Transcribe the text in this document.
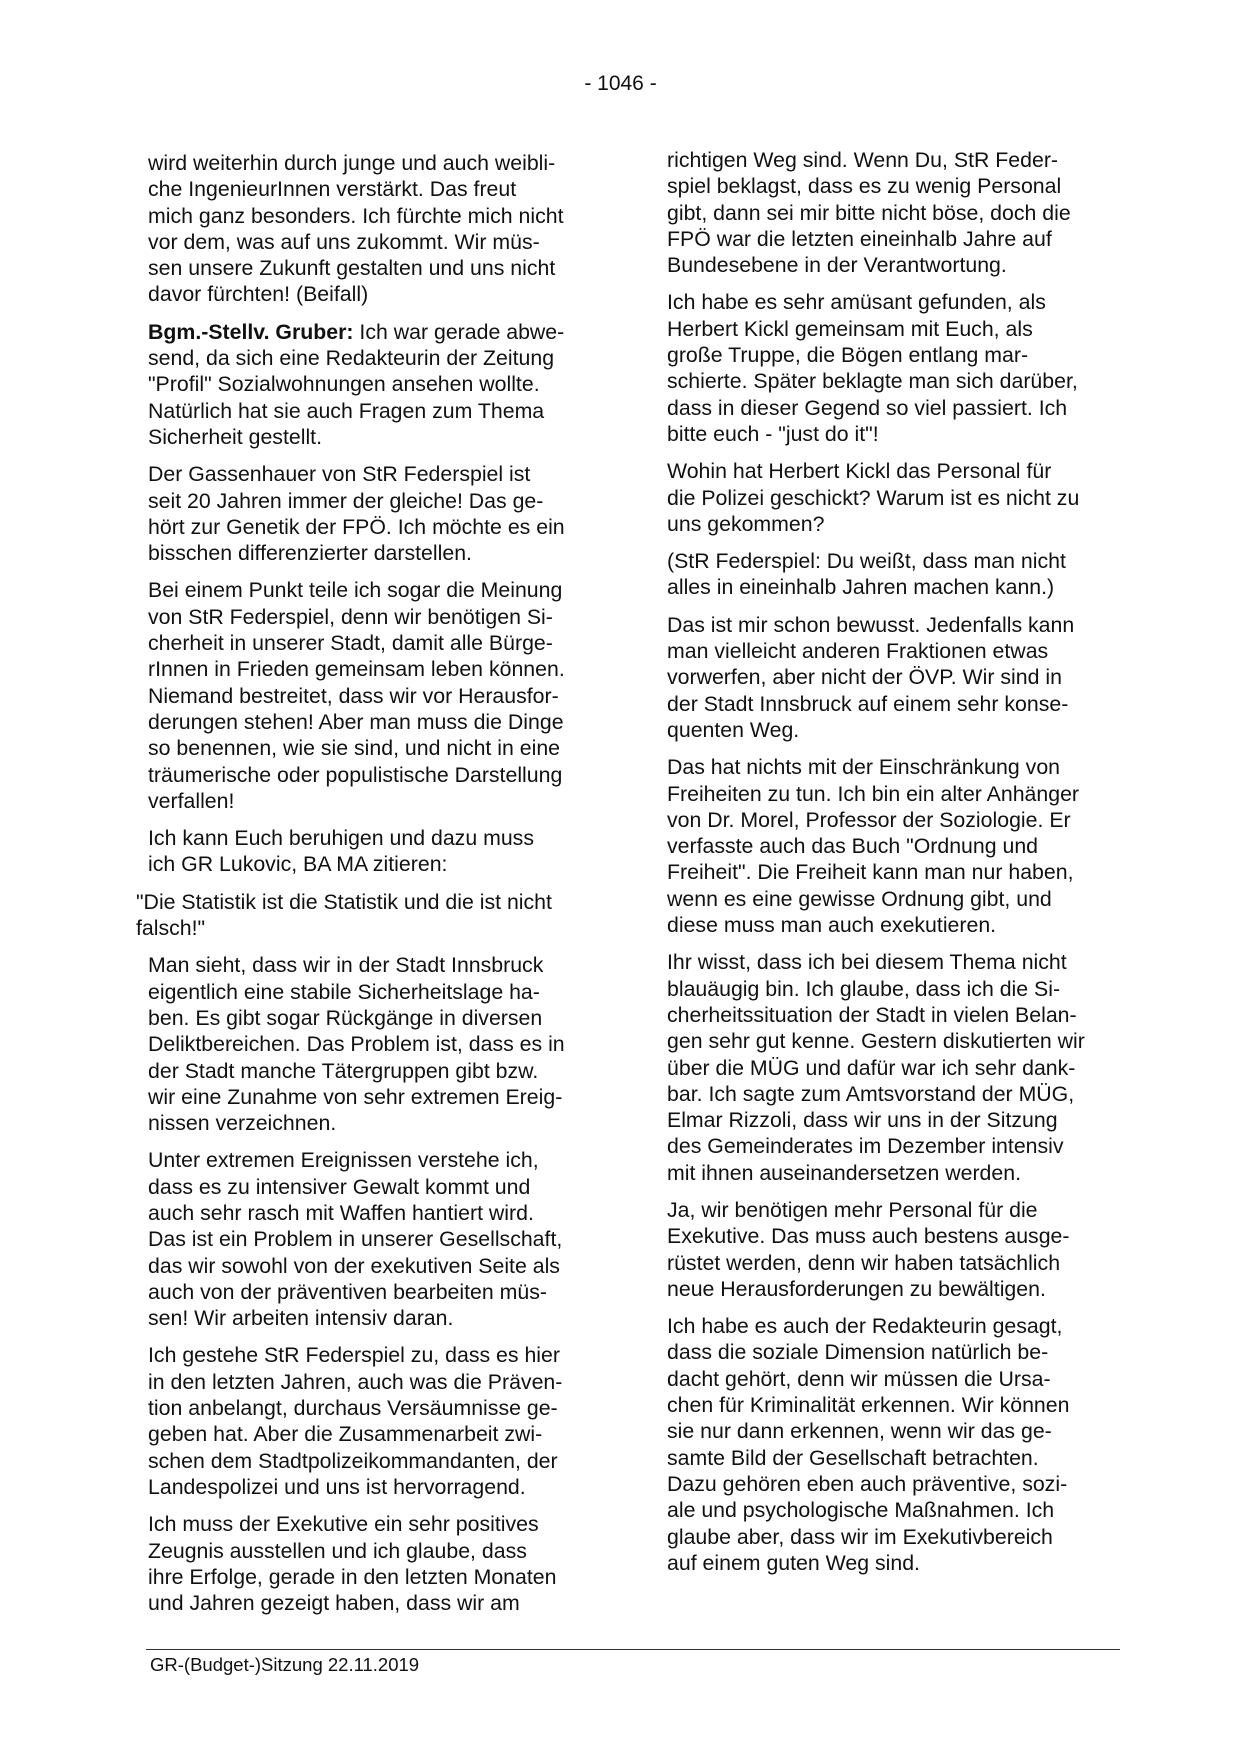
- 1046 -

wird weiterhin durch junge und auch weibli-
che IngenieurInnen verstärkt. Das freut
mich ganz besonders. Ich fürchte mich nicht
vor dem, was auf uns zukommt. Wir müs-
sen unsere Zukunft gestalten und uns nicht
davor fürchten! (Beifall)

Bgm.-Stellv. Gruber: Ich war gerade abwe-
send, da sich eine Redakteurin der Zeitung
"Profil" Sozialwohnungen ansehen wollte.
Natürlich hat sie auch Fragen zum Thema
Sicherheit gestellt.

Der Gassenhauer von StR Federspiel ist
seit 20 Jahren immer der gleiche! Das ge-
hört zur Genetik der FPÖ. Ich möchte es ein
bisschen differenzierter darstellen.

Bei einem Punkt teile ich sogar die Meinung
von StR Federspiel, denn wir benötigen Si-
cherheit in unserer Stadt, damit alle Bürge-
rInnen in Frieden gemeinsam leben können.
Niemand bestreitet, dass wir vor Herausfor-
derungen stehen! Aber man muss die Dinge
so benennen, wie sie sind, und nicht in eine
träumerische oder populistische Darstellung
verfallen!

Ich kann Euch beruhigen und dazu muss
ich GR Lukovic, BA MA zitieren:

"Die Statistik ist die Statistik und die ist nicht
falsch!"

Man sieht, dass wir in der Stadt Innsbruck
eigentlich eine stabile Sicherheitslage ha-
ben. Es gibt sogar Rückgänge in diversen
Deliktbereichen. Das Problem ist, dass es in
der Stadt manche Tätergruppen gibt bzw.
wir eine Zunahme von sehr extremen Ereig-
nissen verzeichnen.

Unter extremen Ereignissen verstehe ich,
dass es zu intensiver Gewalt kommt und
auch sehr rasch mit Waffen hantiert wird.
Das ist ein Problem in unserer Gesellschaft,
das wir sowohl von der exekutiven Seite als
auch von der präventiven bearbeiten müs-
sen! Wir arbeiten intensiv daran.

Ich gestehe StR Federspiel zu, dass es hier
in den letzten Jahren, auch was die Präven-
tion anbelangt, durchaus Versäumnisse ge-
geben hat. Aber die Zusammenarbeit zwi-
schen dem Stadtpolizeikommandanten, der
Landespolizei und uns ist hervorragend.

Ich muss der Exekutive ein sehr positives
Zeugnis ausstellen und ich glaube, dass
ihre Erfolge, gerade in den letzten Monaten
und Jahren gezeigt haben, dass wir am

richtigen Weg sind. Wenn Du, StR Feder-
spiel beklagst, dass es zu wenig Personal
gibt, dann sei mir bitte nicht böse, doch die
FPÖ war die letzten eineinhalb Jahre auf
Bundesebene in der Verantwortung.

Ich habe es sehr amüsant gefunden, als
Herbert Kickl gemeinsam mit Euch, als
große Truppe, die Bögen entlang mar-
schierte. Später beklagte man sich darüber,
dass in dieser Gegend so viel passiert. Ich
bitte euch - "just do it"!

Wohin hat Herbert Kickl das Personal für
die Polizei geschickt? Warum ist es nicht zu
uns gekommen?

(StR Federspiel: Du weißt, dass man nicht
alles in eineinhalb Jahren machen kann.)

Das ist mir schon bewusst. Jedenfalls kann
man vielleicht anderen Fraktionen etwas
vorwerfen, aber nicht der ÖVP. Wir sind in
der Stadt Innsbruck auf einem sehr konse-
quenten Weg.

Das hat nichts mit der Einschränkung von
Freiheiten zu tun. Ich bin ein alter Anhänger
von Dr. Morel, Professor der Soziologie. Er
verfasste auch das Buch "Ordnung und
Freiheit". Die Freiheit kann man nur haben,
wenn es eine gewisse Ordnung gibt, und
diese muss man auch exekutieren.

Ihr wisst, dass ich bei diesem Thema nicht
blauäugig bin. Ich glaube, dass ich die Si-
cherheitssituation der Stadt in vielen Belan-
gen sehr gut kenne. Gestern diskutierten wir
über die MÜG und dafür war ich sehr dank-
bar. Ich sagte zum Amtsvorstand der MÜG,
Elmar Rizzoli, dass wir uns in der Sitzung
des Gemeinderates im Dezember intensiv
mit ihnen auseinandersetzen werden.

Ja, wir benötigen mehr Personal für die
Exekutive. Das muss auch bestens ausge-
rüstet werden, denn wir haben tatsächlich
neue Herausforderungen zu bewältigen.

Ich habe es auch der Redakteurin gesagt,
dass die soziale Dimension natürlich be-
dacht gehört, denn wir müssen die Ursa-
chen für Kriminalität erkennen. Wir können
sie nur dann erkennen, wenn wir das ge-
samte Bild der Gesellschaft betrachten.
Dazu gehören eben auch präventive, sozi-
ale und psychologische Maßnahmen. Ich
glaube aber, dass wir im Exekutivbereich
auf einem guten Weg sind.

GR-(Budget-)Sitzung 22.11.2019
